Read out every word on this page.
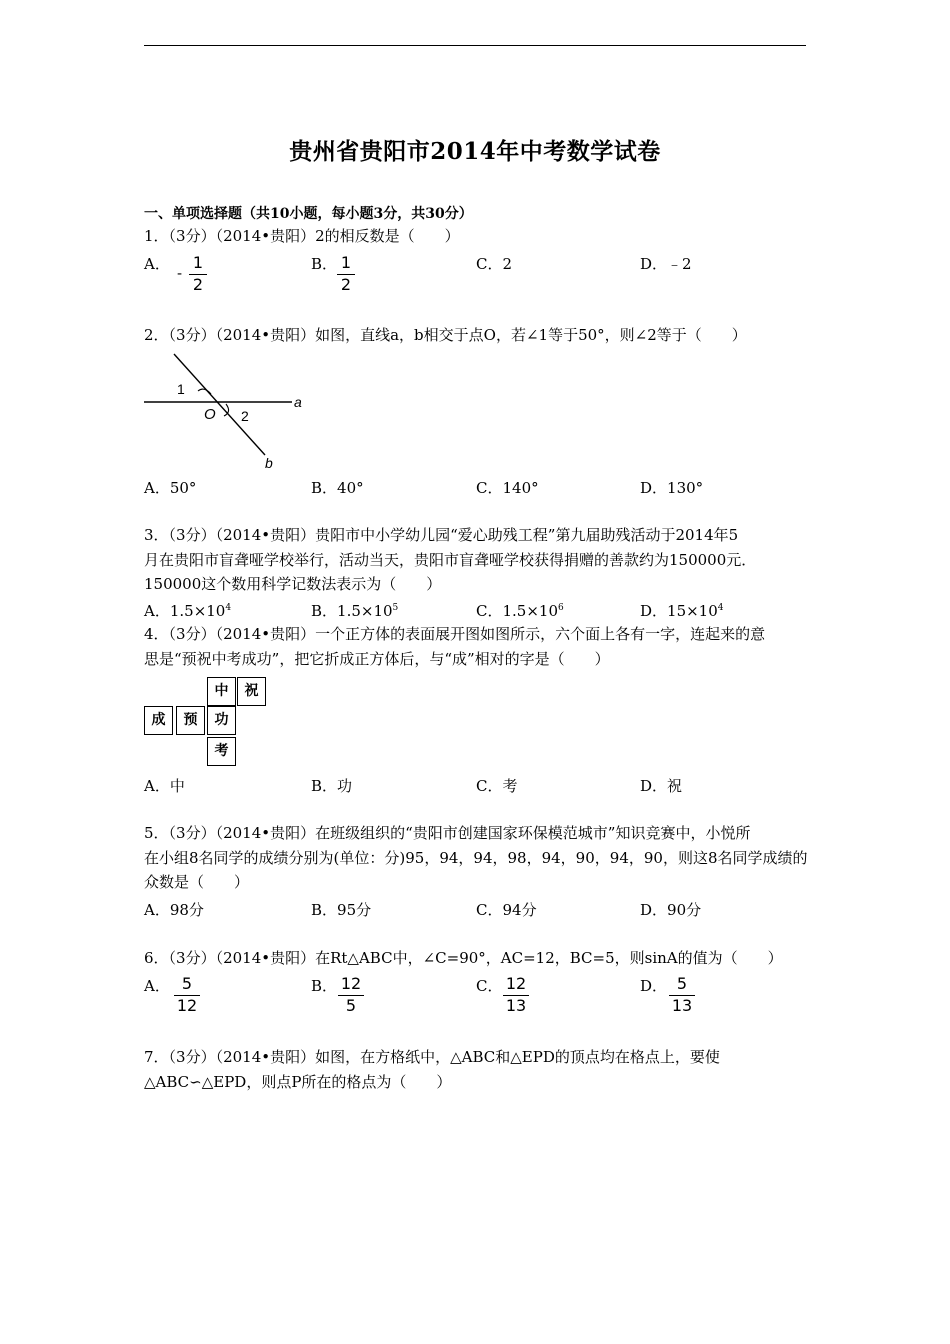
贵州省贵阳市2014年中考数学试卷
一、单项选择题（共10小题，每小题3分，共30分）
1．（3分）（2014•贵阳）2的相反数是（　　）
A． -
1
2
B． 1
2
C．2	D．﹣2
2．（3分）（2014•贵阳）如图，直线a，b相交于点O，若∠1等于50°，则∠2等于（　　）
1
O 2
a
b
A．50°	B．40°	C．140°	D．130°
3．（3分）（2014•贵阳）贵阳市中小学幼儿园“爱心助残工程”第九届助残活动于2014年5
月在贵阳市盲聋哑学校举行，活动当天，贵阳市盲聋哑学校获得捐赠的善款约为150000元．
150000这个数用科学记数法表示为（　　）
A．$1.5\times 10^4$	B．$1.5\times 10^5$	C．$1.5\times 10^6$	D．$15\times 10^4$
4．（3分）（2014•贵阳）一个正方体的表面展开图如图所示，六个面上各有一字，连起来的意
思是“预祝中考成功”，把它折成正方体后，与“成”相对的字是（　　）
中	祝
成	预	功
考
A．中	B．功	C．考	D．祝
5．（3分）（2014•贵阳）在班级组织的“贵阳市创建国家环保模范城市”知识竞赛中，小悦所
在小组8名同学的成绩分别为(单位：分)95，94，94，98，94，90，94，90，则这8名同学成绩的
众数是（　　）
A．98分	B．95分	C．94分	D．90分
6．（3分）（2014•贵阳）在Rt△ABC中，∠C=90°，AC=12，BC=5，则sinA的值为（　　）
A． 5
12
B． 12
5
C． 12
13
D． 5
13
7．（3分）（2014•贵阳）如图，在方格纸中，△ABC和△EPD的顶点均在格点上，要使
△ABC∽△EPD，则点P所在的格点为（　　）
